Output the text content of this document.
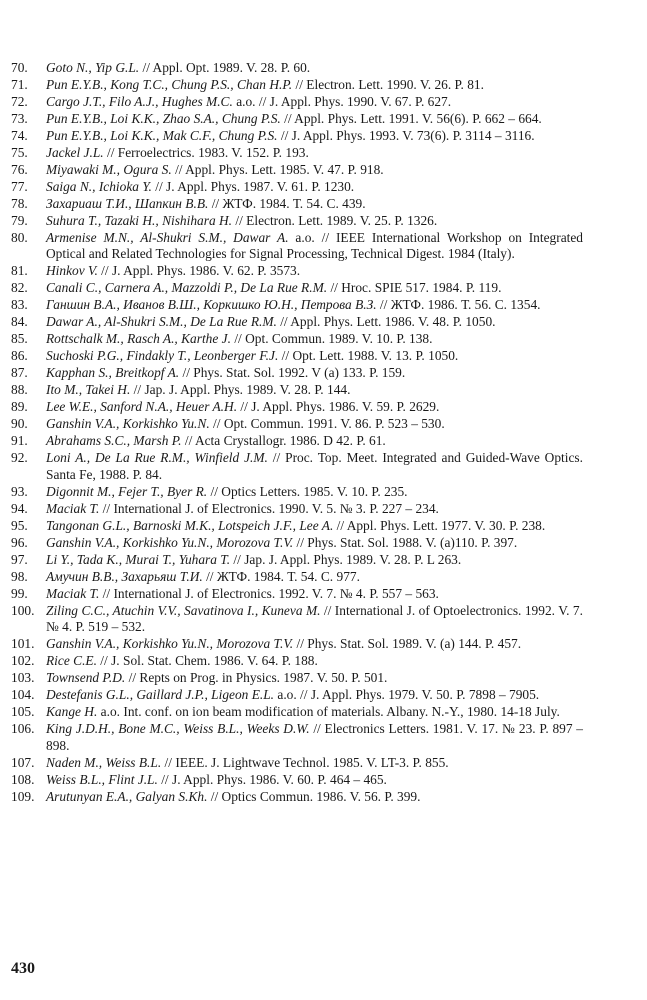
70.	Goto N., Yip G.L. // Appl. Opt. 1989. V. 28. P. 60.
71.	Pun E.Y.B., Kong T.C., Chung P.S., Chan H.P. // Electron. Lett. 1990. V. 26. P. 81.
72.	Cargo J.T., Filo A.J., Hughes M.C. a.o. // J. Appl. Phys. 1990. V. 67. P. 627.
73.	Pun E.Y.B., Loi K.K., Zhao S.A., Chung P.S. // Appl. Phys. Lett. 1991. V. 56(6). P. 662 – 664.
74.	Pun E.Y.B., Loi K.K., Mak C.F., Chung P.S. // J. Appl. Phys. 1993. V. 73(6). P. 3114 – 3116.
75.	Jackel J.L. // Ferroelectrics. 1983. V. 152. P. 193.
76.	Miyawaki M., Ogura S. // Appl. Phys. Lett. 1985. V. 47. P. 918.
77.	Saiga N., Ichioka Y. // J. Appl. Phys. 1987. V. 61. P. 1230.
78.	Захариаш Т.И., Шапкин В.В. // ЖТФ. 1984. Т. 54. С. 439.
79.	Suhura T., Tazaki H., Nishihara H. // Electron. Lett. 1989. V. 25. P. 1326.
80.	Armenise M.N., Al-Shukri S.M., Dawar A. a.o. // IEEE International Workshop on Integrated Optical and Related Technologies for Signal Processing, Technical Digest. 1984 (Italy).
81.	Hinkov V. // J. Appl. Phys. 1986. V. 62. P. 3573.
82.	Canali C., Carnera A., Mazzoldi P., De La Rue R.M. // Hroc. SPIE 517. 1984. P. 119.
83.	Ганшин В.А., Иванов В.Ш., Коркишко Ю.Н., Петрова В.З. // ЖТФ. 1986. Т. 56. С. 1354.
84.	Dawar A., Al-Shukri S.M., De La Rue R.M. // Appl. Phys. Lett. 1986. V. 48. P. 1050.
85.	Rottschalk M., Rasch A., Karthe J. // Opt. Commun. 1989. V. 10. P. 138.
86.	Suchoski P.G., Findakly T., Leonberger F.J. // Opt. Lett. 1988. V. 13. P. 1050.
87.	Kapphan S., Breitkopf A. // Phys. Stat. Sol. 1992. V (a) 133. P. 159.
88.	Ito M., Takei H. // Jap. J. Appl. Phys. 1989. V. 28. P. 144.
89.	Lee W.E., Sanford N.A., Heuer A.H. // J. Appl. Phys. 1986. V. 59. P. 2629.
90.	Ganshin V.A., Korkishko Yu.N. // Opt. Commun. 1991. V. 86. P. 523 – 530.
91.	Abrahams S.C., Marsh P. // Acta Crystallogr. 1986. D 42. P. 61.
92.	Loni A., De La Rue R.M., Winfield J.M. // Proc. Top. Meet. Integrated and Guided-Wave Optics. Santa Fe, 1988. P. 84.
93.	Digonnit M., Fejer T., Byer R. // Optics Letters. 1985. V. 10. P. 235.
94.	Maciak T. // International J. of Electronics. 1990. V. 5. № 3. P. 227 – 234.
95.	Tangonan G.L., Barnoski M.K., Lotspeich J.F., Lee A. // Appl. Phys. Lett. 1977. V. 30. P. 238.
96.	Ganshin V.A., Korkishko Yu.N., Morozova T.V. // Phys. Stat. Sol. 1988. V. (a)110. P. 397.
97.	Li Y., Tada K., Murai T., Yuhara T. // Jap. J. Appl. Phys. 1989. V. 28. P. L 263.
98.	Амучин В.В., Захарьяш Т.И. // ЖТФ. 1984. Т. 54. С. 977.
99.	Maciak T. // International J. of Electronics. 1992. V. 7. № 4. P. 557 – 563.
100. Ziling C.C., Atuchin V.V., Savatinova I., Kuneva M. // International J. of Optoelectronics. 1992. V. 7. № 4. P. 519 – 532.
101. Ganshin V.A., Korkishko Yu.N., Morozova T.V. // Phys. Stat. Sol. 1989. V. (a) 144. P. 457.
102. Rice C.E. // J. Sol. Stat. Chem. 1986. V. 64. P. 188.
103. Townsend P.D. // Repts on Prog. in Physics. 1987. V. 50. P. 501.
104. Destefanis G.L., Gaillard J.P., Ligeon E.L. a.o. // J. Appl. Phys. 1979. V. 50. P. 7898 – 7905.
105. Kange H. a.o. Int. conf. on ion beam modification of materials. Albany. N.-Y., 1980. 14-18 July.
106. King J.D.H., Bone M.C., Weiss B.L., Weeks D.W. // Electronics Letters. 1981. V. 17. № 23. P. 897 – 898.
107. Naden M., Weiss B.L. // IEEE. J. Lightwave Technol. 1985. V. LT-3. P. 855.
108. Weiss B.L., Flint J.L. // J. Appl. Phys. 1986. V. 60. P. 464 – 465.
109. Arutunyan E.A., Galyan S.Kh. // Optics Commun. 1986. V. 56. P. 399.
430
